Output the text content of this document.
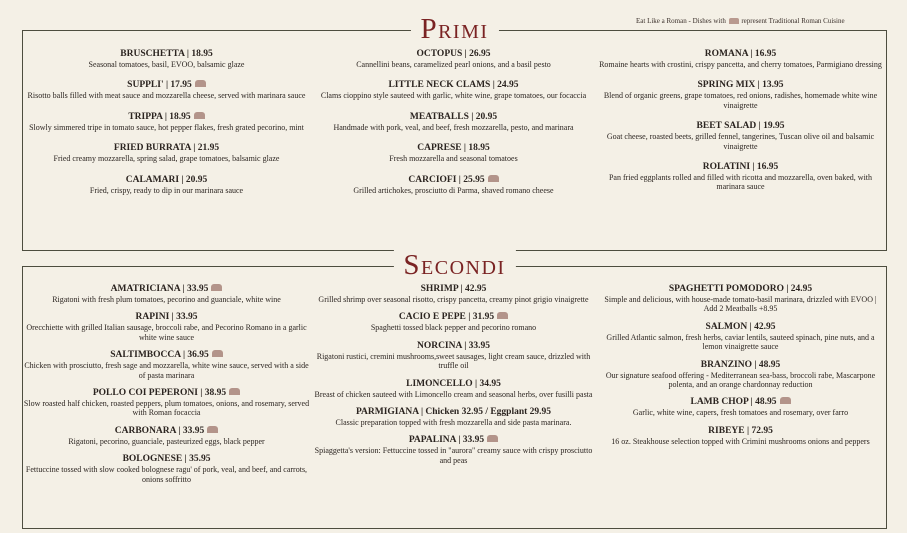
Eat Like a Roman - Dishes with represent Traditional Roman Cuisine
Primi
BRUSCHETTA | 18.95
Seasonal tomatoes, basil, EVOO, balsamic glaze
SUPPLI' | 17.95
Risotto balls filled with meat sauce and mozzarella cheese, served with marinara sauce
TRIPPA | 18.95
Slowly simmered tripe in tomato sauce, hot pepper flakes, fresh grated pecorino, mint
FRIED BURRATA | 21.95
Fried creamy mozzarella, spring salad, grape tomatoes, balsamic glaze
CALAMARI | 20.95
Fried, crispy, ready to dip in our marinara sauce
OCTOPUS | 26.95
Cannellini beans, caramelized pearl onions, and a basil pesto
LITTLE NECK CLAMS | 24.95
Clams cioppino style sauteed with garlic, white wine, grape tomatoes, our focaccia
MEATBALLS | 20.95
Handmade with pork, veal, and beef, fresh mozzarella, pesto, and marinara
CAPRESE | 18.95
Fresh mozzarella and seasonal tomatoes
CARCIOFI | 25.95
Grilled artichokes, prosciutto di Parma, shaved romano cheese
ROMANA | 16.95
Romaine hearts with crostini, crispy pancetta, and cherry tomatoes, Parmigiano dressing
SPRING MIX | 13.95
Blend of organic greens, grape tomatoes, red onions, radishes, homemade white wine vinaigrette
BEET SALAD | 19.95
Goat cheese, roasted beets, grilled fennel, tangerines, Tuscan olive oil and balsamic vinaigrette
ROLATINI | 16.95
Pan fried eggplants rolled and filled with ricotta and mozzarella, oven baked, with marinara sauce
Secondi
AMATRICIANA | 33.95
Rigatoni with fresh plum tomatoes, pecorino and guanciale, white wine
RAPINI | 33.95
Orecchiette with grilled Italian sausage, broccoli rabe, and Pecorino Romano in a garlic white wine sauce
SALTIMBOCCA | 36.95
Chicken with prosciutto, fresh sage and mozzarella, white wine sauce, served with a side of pasta marinara
POLLO COI PEPERONI | 38.95
Slow roasted half chicken, roasted peppers, plum tomatoes, onions, and rosemary, served with Roman focaccia
CARBONARA | 33.95
Rigatoni, pecorino, guanciale, pasteurized eggs, black pepper
BOLOGNESE | 35.95
Fettuccine tossed with slow cooked bolognese ragu' of pork, veal, and beef, and carrots, onions soffritto
SHRIMP | 42.95
Grilled shrimp over seasonal risotto, crispy pancetta, creamy pinot grigio vinaigrette
CACIO E PEPE | 31.95
Spaghetti tossed black pepper and pecorino romano
NORCINA | 33.95
Rigatoni rustici, cremini mushrooms,sweet sausages, light cream sauce, drizzled with truffle oil
LIMONCELLO | 34.95
Breast of chicken sauteed with Limoncello cream and seasonal herbs, over fusilli pasta
PARMIGIANA | Chicken 32.95 / Eggplant 29.95
Classic preparation topped with fresh mozzarella and side pasta marinara.
PAPALINA | 33.95
Spiaggetta's version: Fettuccine tossed in "aurora" creamy sauce with crispy prosciutto and peas
SPAGHETTI POMODORO | 24.95
Simple and delicious, with house-made tomato-basil marinara, drizzled with EVOO | Add 2 Meatballs +8.95
SALMON | 42.95
Grilled Atlantic salmon, fresh herbs, caviar lentils, sauteed spinach, pine nuts, and a lemon vinaigrette sauce
BRANZINO | 48.95
Our signature seafood offering - Mediterranean sea-bass, broccoli rabe, Mascarpone polenta, and an orange chardonnay reduction
LAMB CHOP | 48.95
Garlic, white wine, capers, fresh tomatoes and rosemary, over farro
RIBEYE | 72.95
16 oz. Steakhouse selection topped with Crimini mushrooms onions and peppers
